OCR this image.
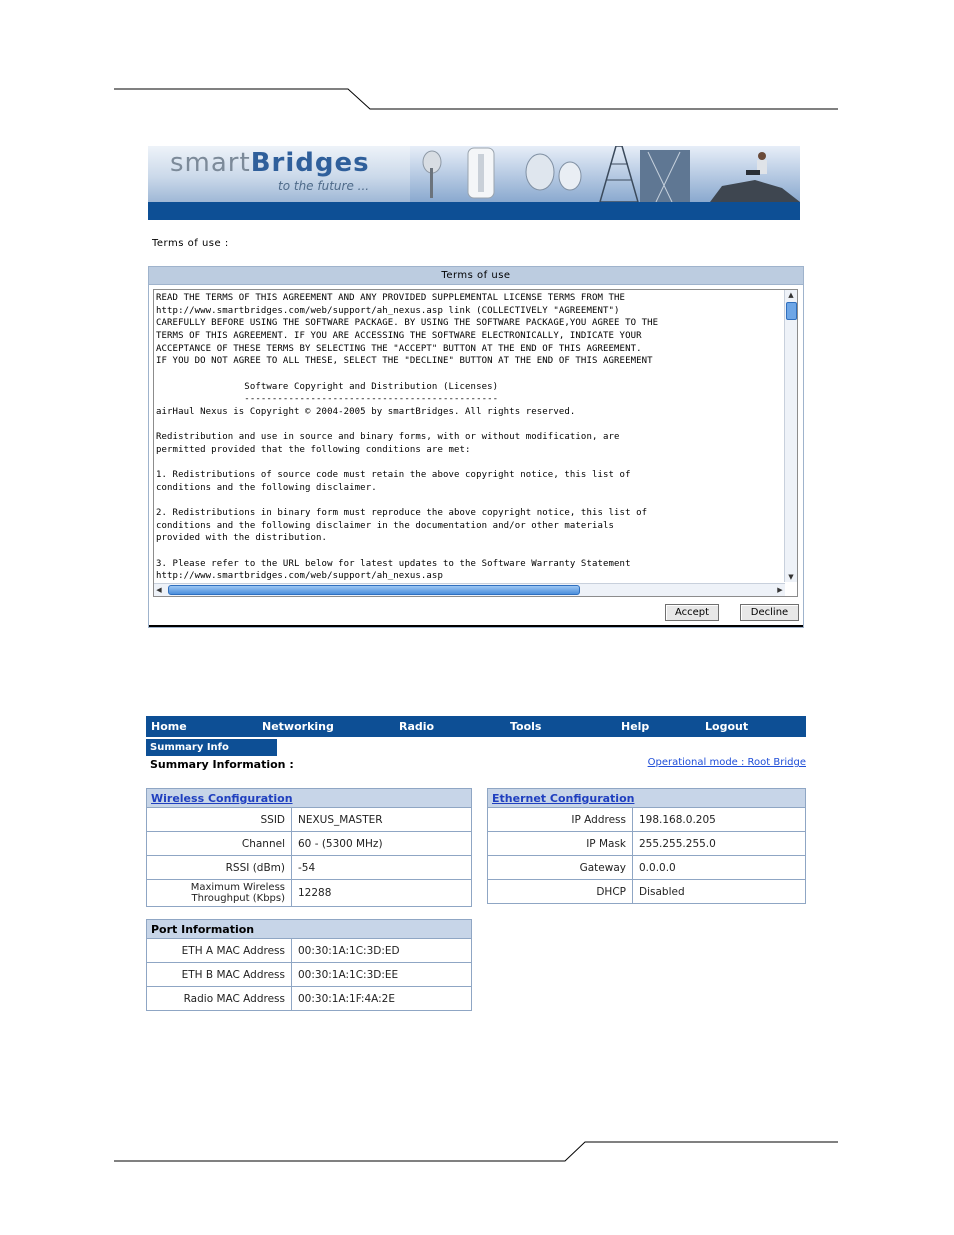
smartBridges
to the future ...
Terms of use :
Terms of use
READ THE TERMS OF THIS AGREEMENT AND ANY PROVIDED SUPPLEMENTAL LICENSE TERMS FROM THE
http://www.smartbridges.com/web/support/ah_nexus.asp link (COLLECTIVELY "AGREEMENT")
CAREFULLY BEFORE USING THE SOFTWARE PACKAGE. BY USING THE SOFTWARE PACKAGE,YOU AGREE TO THE
TERMS OF THIS AGREEMENT. IF YOU ARE ACCESSING THE SOFTWARE ELECTRONICALLY, INDICATE YOUR
ACCEPTANCE OF THESE TERMS BY SELECTING THE "ACCEPT" BUTTON AT THE END OF THIS AGREEMENT.
IF YOU DO NOT AGREE TO ALL THESE, SELECT THE "DECLINE" BUTTON AT THE END OF THIS AGREEMENT

Software Copyright and Distribution (Licenses)
----------------------------------------------
airHaul Nexus is Copyright © 2004-2005 by smartBridges. All rights reserved.

Redistribution and use in source and binary forms, with or without modification, are
permitted provided that the following conditions are met:

1. Redistributions of source code must retain the above copyright notice, this list of
conditions and the following disclaimer.

2. Redistributions in binary form must reproduce the above copyright notice, this list of
conditions and the following disclaimer in the documentation and/or other materials
provided with the distribution.

3. Please refer to the URL below for latest updates to the Software Warranty Statement
http://www.smartbridges.com/web/support/ah_nexus.asp
▲
▼
◀	▶
Accept	Decline
Home	Networking	Radio	Tools	Help	Logout
Summary Info
Summary Information :	Operational mode : Root Bridge
Wireless Configuration	
SSID	NEXUS_MASTER
Channel	60 - (5300 MHz)
RSSI (dBm)	-54
Maximum Wireless Throughput (Kbps)	12288
Ethernet Configuration	
IP Address	198.168.0.205
IP Mask	255.255.255.0
Gateway	0.0.0.0
DHCP	Disabled
Port Information	
ETH A MAC Address	00:30:1A:1C:3D:ED
ETH B MAC Address	00:30:1A:1C:3D:EE
Radio MAC Address	00:30:1A:1F:4A:2E
